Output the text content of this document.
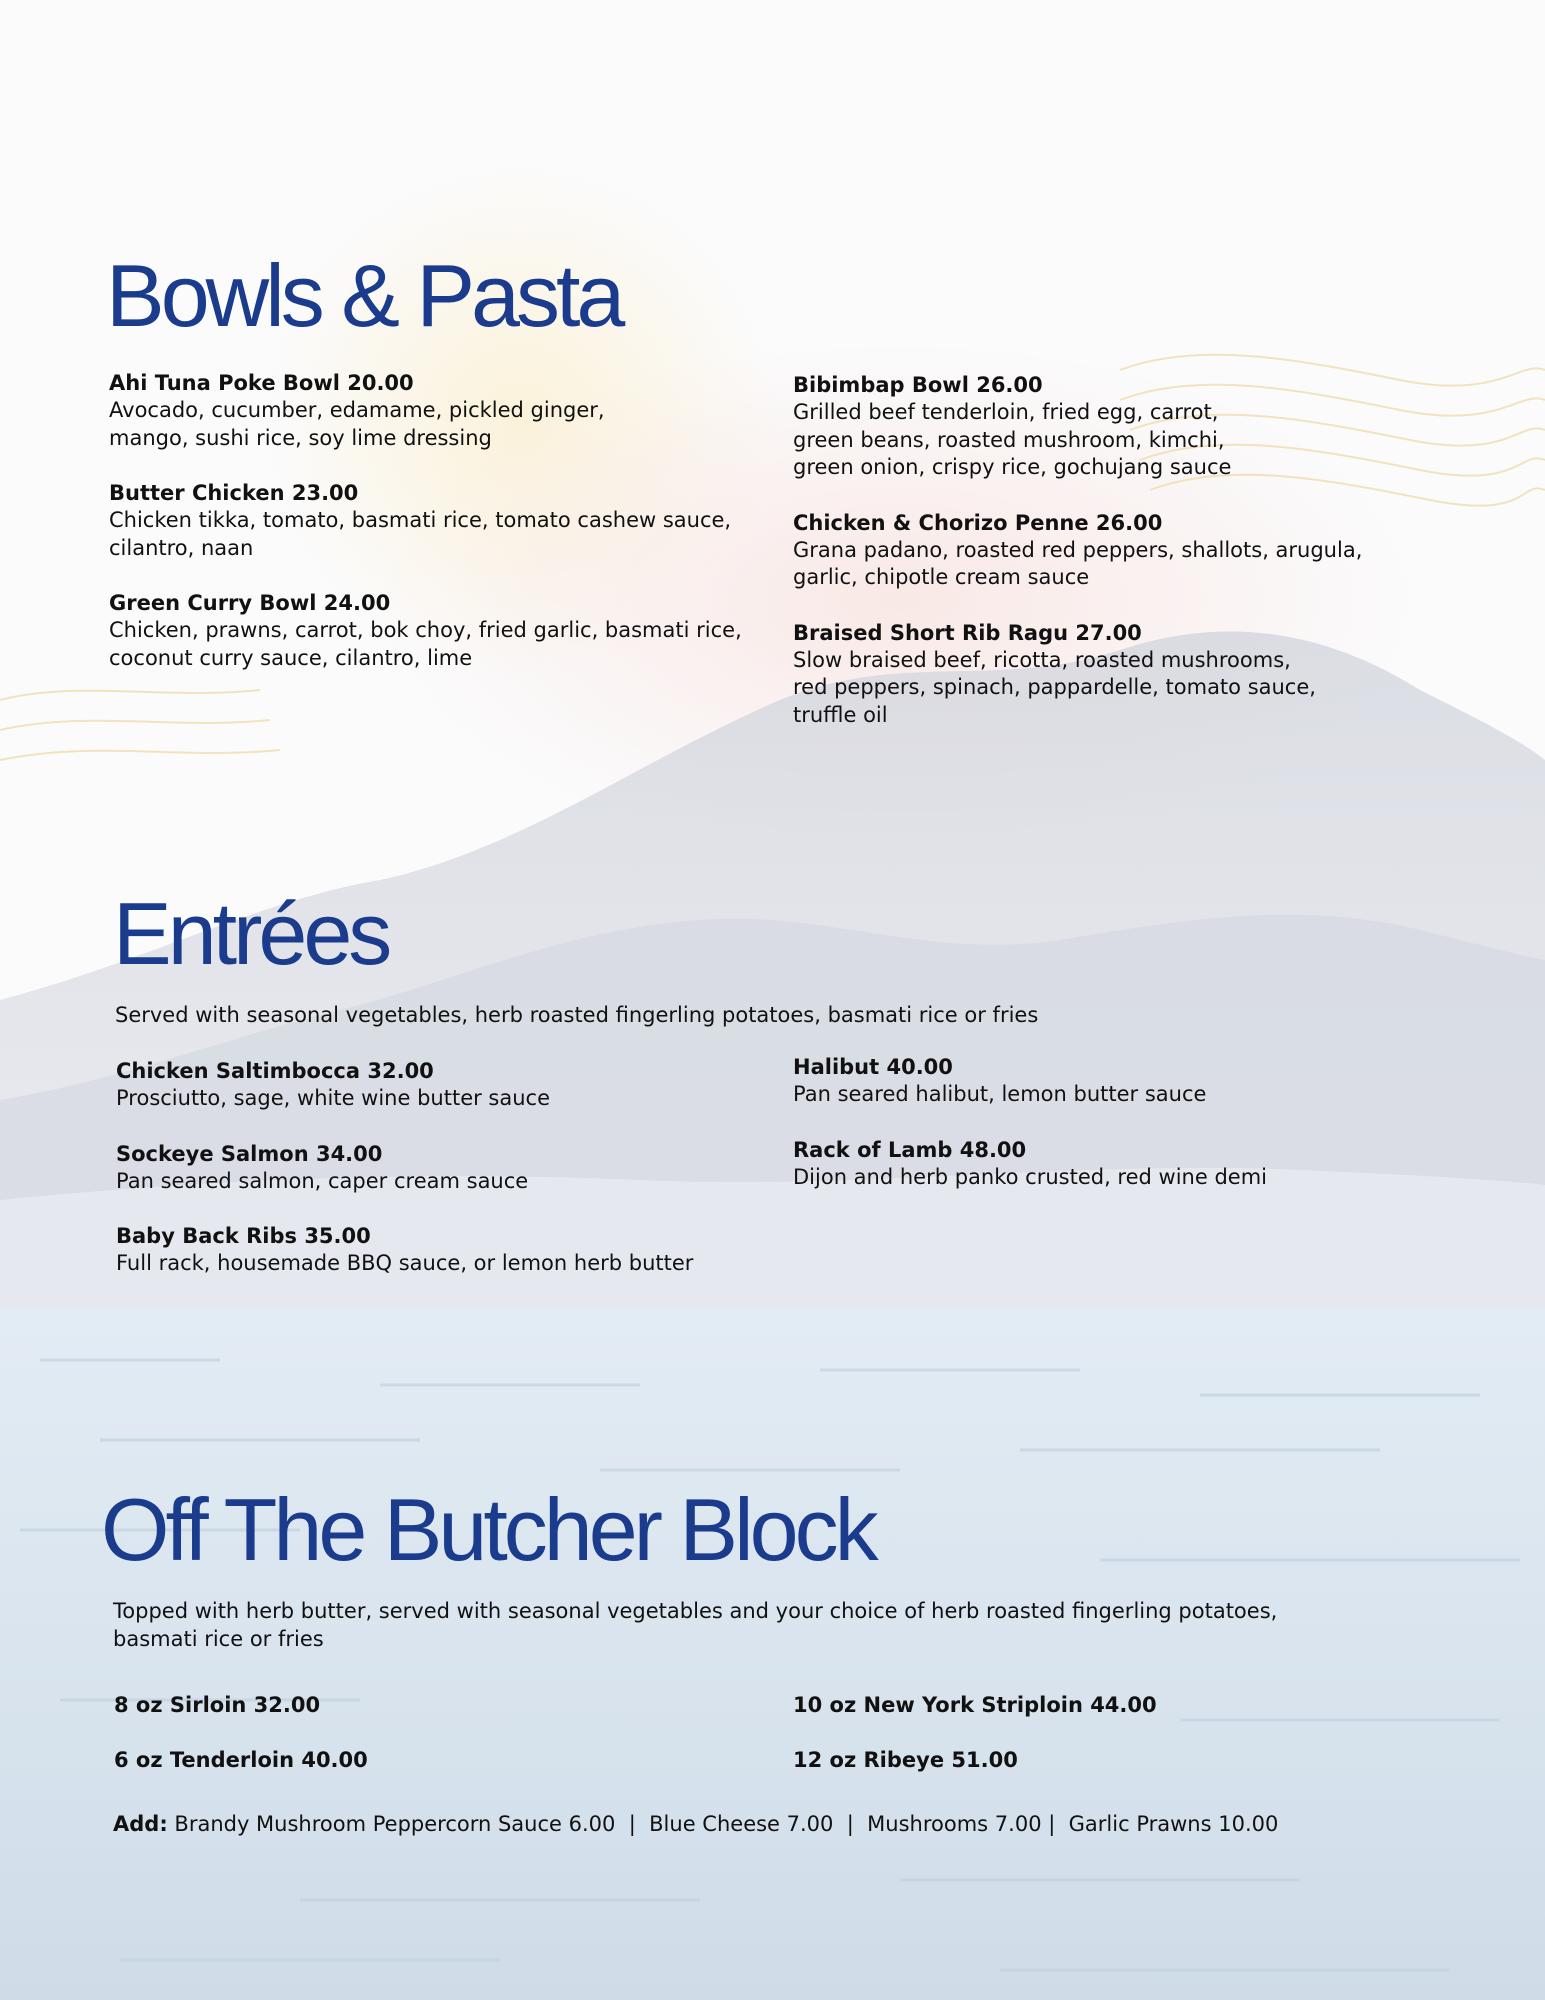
Bowls & Pasta
Ahi Tuna Poke Bowl 20.00
Avocado, cucumber, edamame, pickled ginger,
mango, sushi rice, soy lime dressing
Butter Chicken 23.00
Chicken tikka, tomato, basmati rice, tomato cashew sauce,
cilantro, naan
Green Curry Bowl 24.00
Chicken, prawns, carrot, bok choy, fried garlic, basmati rice,
coconut curry sauce, cilantro, lime
Bibimbap Bowl 26.00
Grilled beef tenderloin, fried egg, carrot,
green beans, roasted mushroom, kimchi,
green onion, crispy rice, gochujang sauce
Chicken & Chorizo Penne 26.00
Grana padano, roasted red peppers, shallots, arugula,
garlic, chipotle cream sauce
Braised Short Rib Ragu 27.00
Slow braised beef, ricotta, roasted mushrooms,
red peppers, spinach, pappardelle, tomato sauce,
truffle oil
Entrées
Served with seasonal vegetables, herb roasted fingerling potatoes, basmati rice or fries
Chicken Saltimbocca 32.00
Prosciutto, sage, white wine butter sauce
Sockeye Salmon 34.00
Pan seared salmon, caper cream sauce
Baby Back Ribs 35.00
Full rack, housemade BBQ sauce, or lemon herb butter
Halibut 40.00
Pan seared halibut, lemon butter sauce
Rack of Lamb 48.00
Dijon and herb panko crusted, red wine demi
Off The Butcher Block
Topped with herb butter, served with seasonal vegetables and your choice of herb roasted fingerling potatoes,
basmati rice or fries
8 oz Sirloin 32.00
6 oz Tenderloin 40.00
10 oz New York Striploin 44.00
12 oz Ribeye 51.00
Add: Brandy Mushroom Peppercorn Sauce 6.00  |  Blue Cheese 7.00  |  Mushrooms 7.00 |  Garlic Prawns 10.00
